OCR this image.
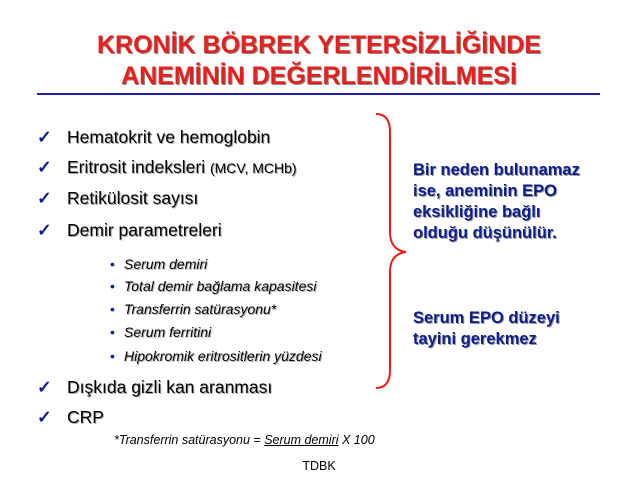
KRONİK BÖBREK YETERSİZLİĞİNDE
ANEMİNİN DEĞERLENDİRİLMESİ
✓ Hematokrit ve hemoglobin
✓ Eritrosit indeksleri (MCV, MCHb)
✓ Retikülosit sayısı
✓ Demir parametreleri
• Serum demiri
• Total demir bağlama kapasitesi
• Transferrin satürasyonu*
• Serum ferritini
• Hipokromik eritrositlerin yüzdesi
✓ Dışkıda gizli kan aranması
✓ CRP
Bir neden bulunamaz
ise, aneminin EPO
eksikliğine bağlı
olduğu düşünülür.
Serum EPO düzeyi
tayini gerekmez
*Transferrin satürasyonu = Serum demiri X 100
TDBK
